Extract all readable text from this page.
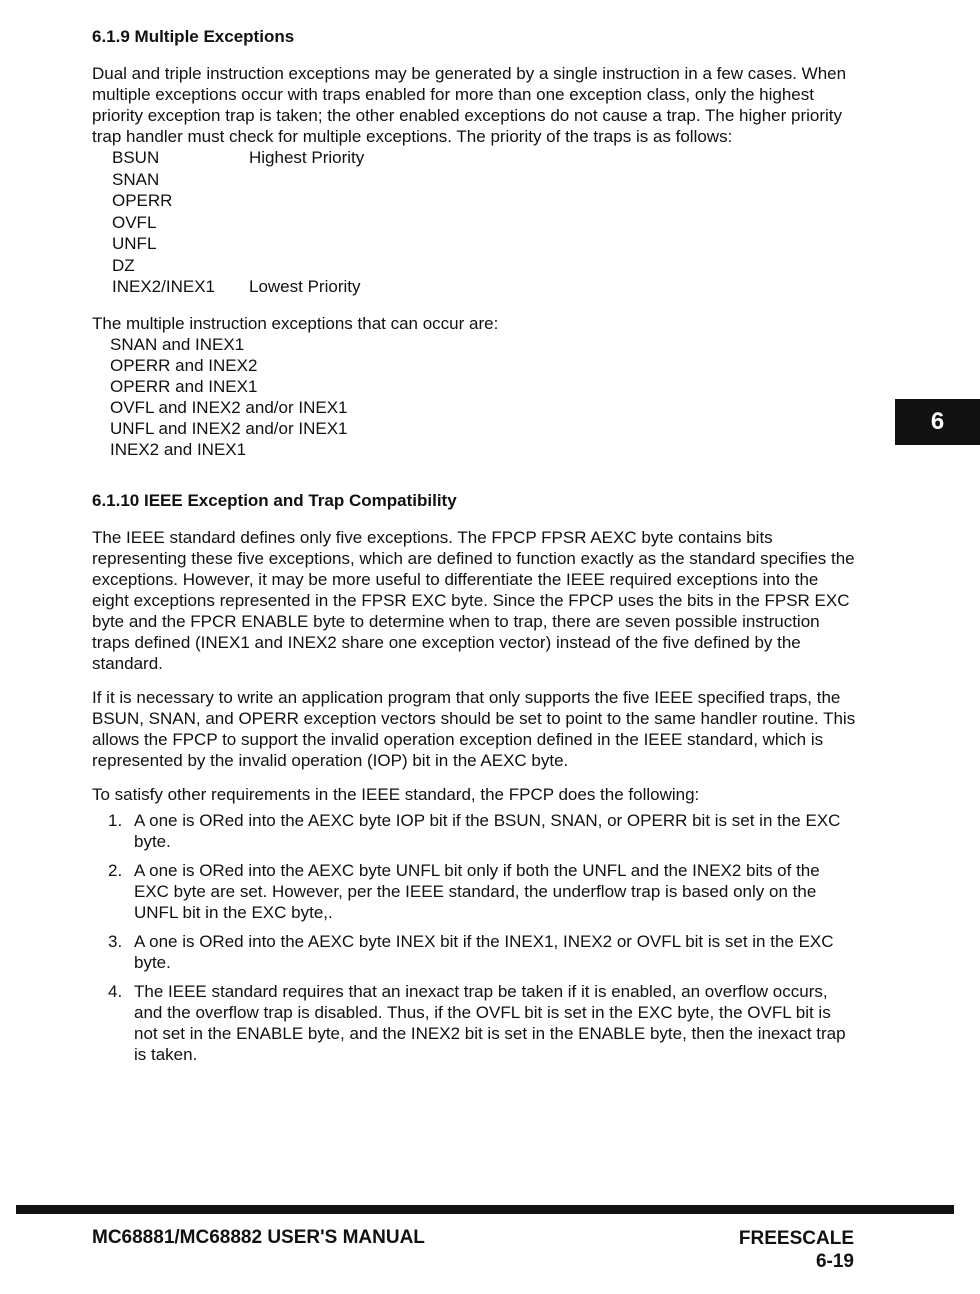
6.1.9 Multiple Exceptions

Dual and triple instruction exceptions may be generated by a single instruction in a few cases. When multiple exceptions occur with traps enabled for more than one exception class, only the highest priority exception trap is taken; the other enabled exceptions do not cause a trap. The higher priority trap handler must check for multiple exceptions. The priority of the traps is as follows:

BSUN	Highest Priority
SNAN
OPERR
OVFL
UNFL
DZ
INEX2/INEX1	Lowest Priority

The multiple instruction exceptions that can occur are:

SNAN and INEX1
OPERR and INEX2
OPERR and INEX1
OVFL and INEX2 and/or INEX1
UNFL and INEX2 and/or INEX1
INEX2 and INEX1
6.1.10 IEEE Exception and Trap Compatibility

The IEEE standard defines only five exceptions. The FPCP FPSR AEXC byte contains bits representing these five exceptions, which are defined to function exactly as the standard specifies the exceptions. However, it may be more useful to differentiate the IEEE required exceptions into the eight exceptions represented in the FPSR EXC byte. Since the FPCP uses the bits in the FPSR EXC byte and the FPCR ENABLE byte to determine when to trap, there are seven possible instruction traps defined (INEX1 and INEX2 share one exception vector) instead of the five defined by the standard.

If it is necessary to write an application program that only supports the five IEEE specified traps, the BSUN, SNAN, and OPERR exception vectors should be set to point to the same handler routine. This allows the FPCP to support the invalid operation exception defined in the IEEE standard, which is represented by the invalid operation (IOP) bit in the AEXC byte.

To satisfy other requirements in the IEEE standard, the FPCP does the following:

1. A one is ORed into the AEXC byte IOP bit if the BSUN, SNAN, or OPERR bit is set in the EXC byte.
2. A one is ORed into the AEXC byte UNFL bit only if both the UNFL and the INEX2 bits of the EXC byte are set. However, per the IEEE standard, the underflow trap is based only on the UNFL bit in the EXC byte,.
3. A one is ORed into the AEXC byte INEX bit if the INEX1, INEX2 or OVFL bit is set in the EXC byte.
4. The IEEE standard requires that an inexact trap be taken if it is enabled, an overflow occurs, and the overflow trap is disabled. Thus, if the OVFL bit is set in the EXC byte, the OVFL bit is not set in the ENABLE byte, and the INEX2 bit is set in the ENABLE byte, then the inexact trap is taken.
6
MC68881/MC68882 USER'S MANUAL	FREESCALE
6-19
